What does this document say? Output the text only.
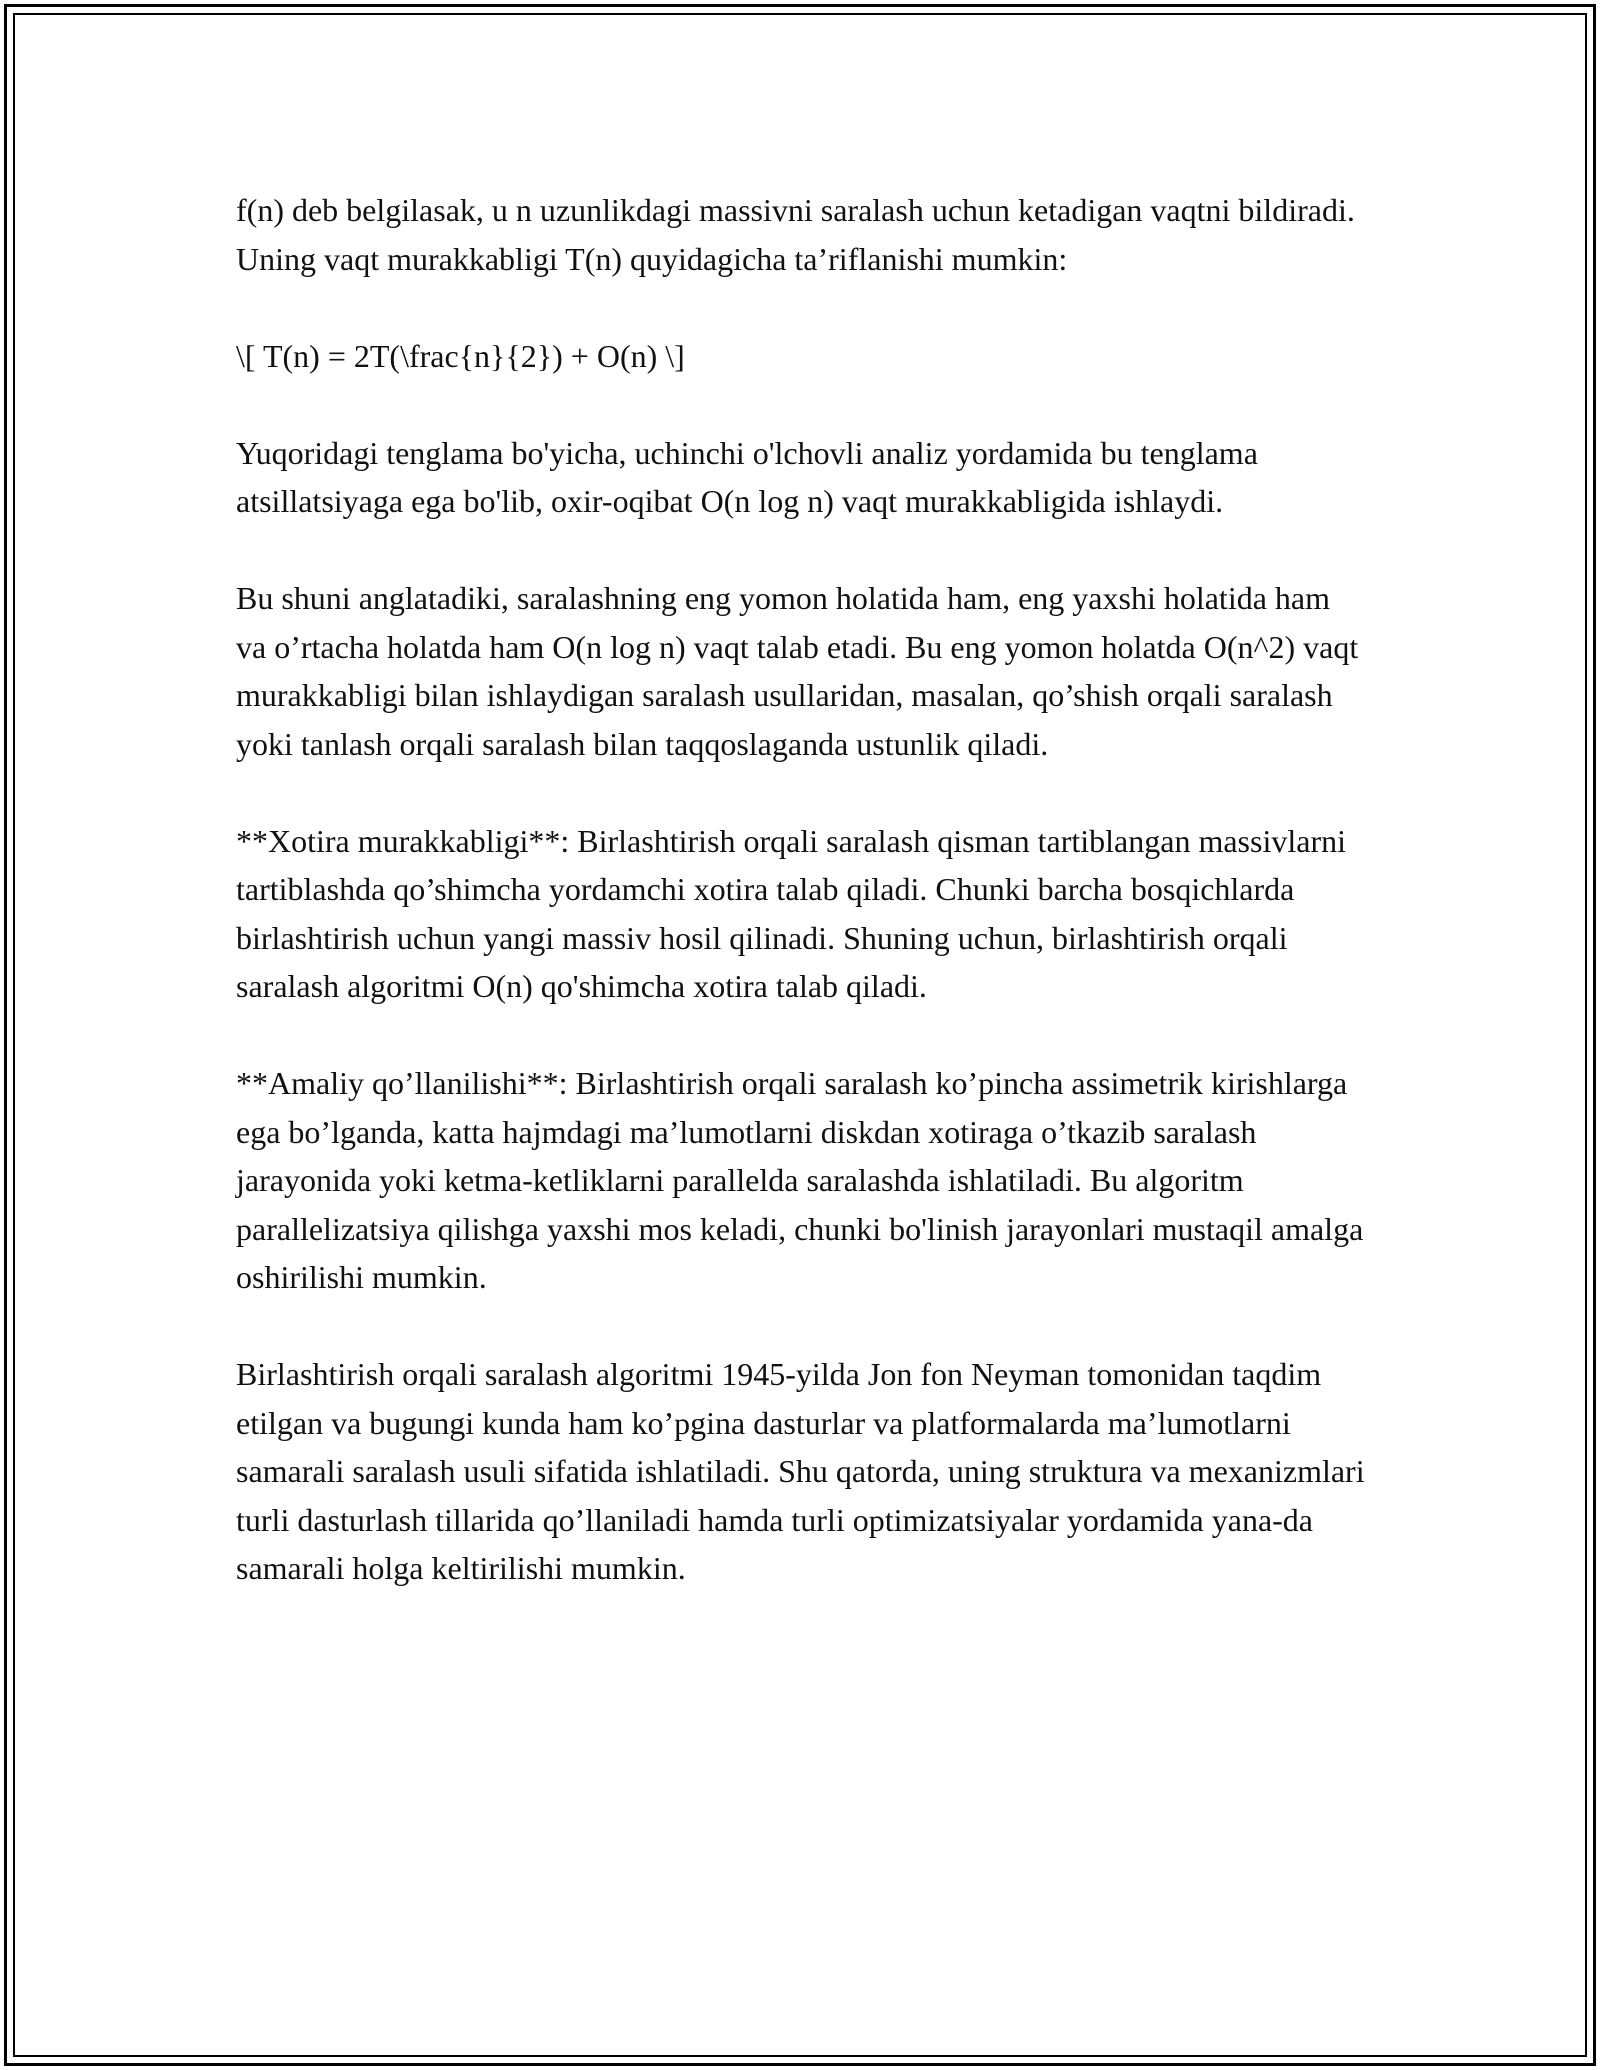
f(n) deb belgilasak, u n uzunlikdagi massivni saralash uchun ketadigan vaqtni bildiradi. Uning vaqt murakkabligi T(n) quyidagicha ta’riflanishi mumkin:

\[ T(n) = 2T(\frac{n}{2}) + O(n) \]

Yuqoridagi tenglama bo'yicha, uchinchi o'lchovli analiz yordamida bu tenglama atsillatsiyaga ega bo'lib, oxir-oqibat O(n log n) vaqt murakkabligida ishlaydi.

Bu shuni anglatadiki, saralashning eng yomon holatida ham, eng yaxshi holatida ham va o’rtacha holatda ham O(n log n) vaqt talab etadi. Bu eng yomon holatda O(n^2) vaqt murakkabligi bilan ishlaydigan saralash usullaridan, masalan, qo’shish orqali saralash yoki tanlash orqali saralash bilan taqqoslaganda ustunlik qiladi.

**Xotira murakkabligi**: Birlashtirish orqali saralash qisman tartiblangan massivlarni tartiblashda qo’shimcha yordamchi xotira talab qiladi. Chunki barcha bosqichlarda birlashtirish uchun yangi massiv hosil qilinadi. Shuning uchun, birlashtirish orqali saralash algoritmi O(n) qo'shimcha xotira talab qiladi.

**Amaliy qo’llanilishi**: Birlashtirish orqali saralash ko’pincha assimetrik kirishlarga ega bo’lganda, katta hajmdagi ma’lumotlarni diskdan xotiraga o’tkazib saralash jarayonida yoki ketma-ketliklarni parallelda saralashda ishlatiladi. Bu algoritm parallelizatsiya qilishga yaxshi mos keladi, chunki bo'linish jarayonlari mustaqil amalga oshirilishi mumkin.

Birlashtirish orqali saralash algoritmi 1945-yilda Jon fon Neyman tomonidan taqdim etilgan va bugungi kunda ham ko’pgina dasturlar va platformalarda ma’lumotlarni samarali saralash usuli sifatida ishlatiladi. Shu qatorda, uning struktura va mexanizmlari turli dasturlash tillarida qo’llaniladi hamda turli optimizatsiyalar yordamida yana-da samarali holga keltirilishi mumkin.
